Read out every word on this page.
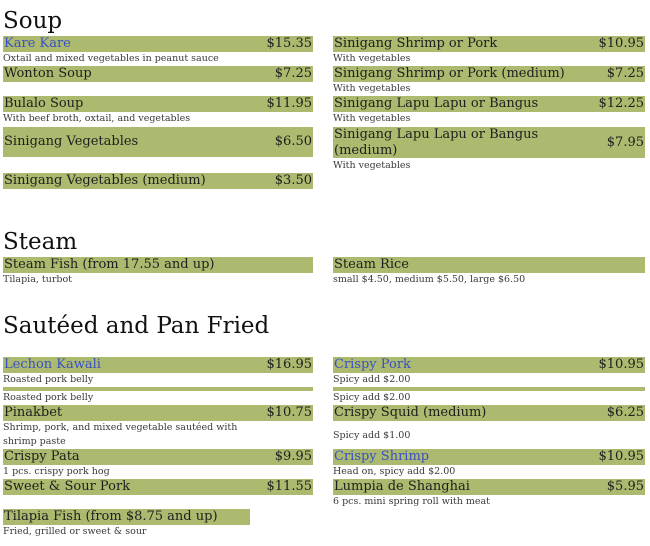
Soup
Steam
Sautéed and Pan Fried
Kare Kare	$15.35
Oxtail and mixed vegetables in peanut sauce
Wonton Soup	$7.25
Bulalo Soup	$11.95
With beef broth, oxtail, and vegetables
Sinigang Vegetables	$6.50
Sinigang Vegetables (medium)	$3.50
Sinigang Shrimp or Pork	$10.95
With vegetables
Sinigang Shrimp or Pork (medium)	$7.25
With vegetables
Sinigang Lapu Lapu or Bangus	$12.25
With vegetables
Sinigang Lapu Lapu or Bangus (medium)
$7.95
With vegetables
Steam Fish (from 17.55 and up)
Tilapia, turbot
Steam Rice
small $4.50, medium $5.50, large $6.50
Lechon Kawali	$16.95
Roasted pork belly
Roasted pork belly
Pinakbet	$10.75
Shrimp, pork, and mixed vegetable sautéed with
shrimp paste
Crispy Pata	$9.95
1 pcs. crispy pork hog
Sweet & Sour Pork	$11.55
Tilapia Fish (from $8.75 and up)
Fried, grilled or sweet & sour
Crispy Pork	$10.95
Spicy add $2.00
Spicy add $2.00
Crispy Squid (medium)	$6.25
Spicy add $1.00
Crispy Shrimp	$10.95
Head on, spicy add $2.00
Lumpia de Shanghai	$5.95
6 pcs. mini spring roll with meat
